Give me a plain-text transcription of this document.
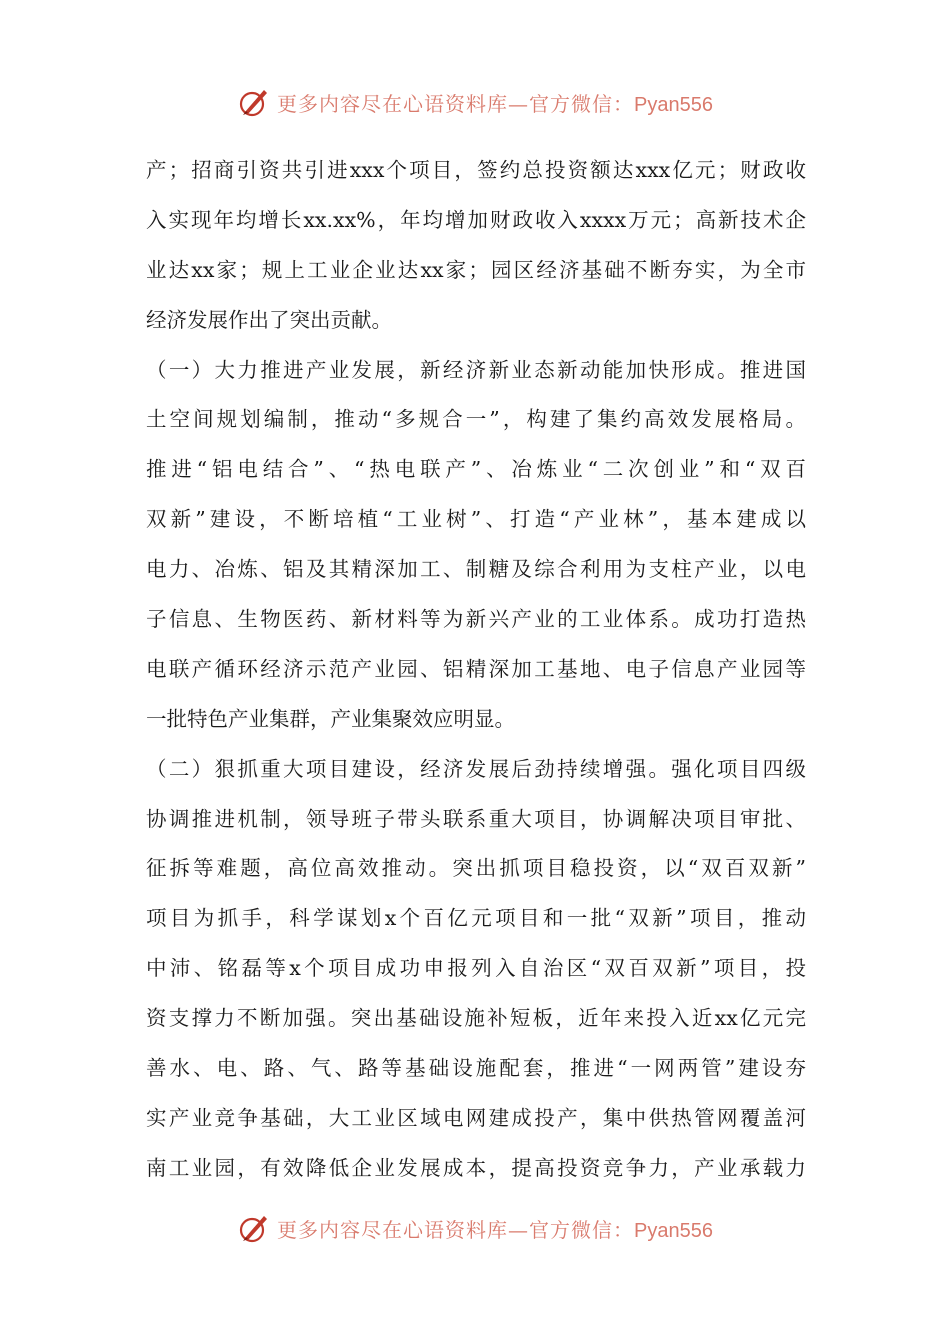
更多内容尽在心语资料库—官方微信：Pyan556
产；招商引资共引进xxx个项目，签约总投资额达xxx亿元；财政收
入实现年均增长xx.xx%，年均增加财政收入xxxx万元；高新技术企
业达xx家；规上工业企业达xx家；园区经济基础不断夯实，为全市
经济发展作出了突出贡献。
（一）大力推进产业发展，新经济新业态新动能加快形成。推进国
土空间规划编制，推动“多规合一”，构建了集约高效发展格局。
推进“铝电结合”、“热电联产”、冶炼业“二次创业”和“双百
双新”建设，不断培植“工业树”、打造“产业林”，基本建成以
电力、冶炼、铝及其精深加工、制糖及综合利用为支柱产业，以电
子信息、生物医药、新材料等为新兴产业的工业体系。成功打造热
电联产循环经济示范产业园、铝精深加工基地、电子信息产业园等
一批特色产业集群，产业集聚效应明显。
（二）狠抓重大项目建设，经济发展后劲持续增强。强化项目四级
协调推进机制，领导班子带头联系重大项目，协调解决项目审批、
征拆等难题，高位高效推动。突出抓项目稳投资，以“双百双新”
项目为抓手，科学谋划x个百亿元项目和一批“双新”项目，推动
中沛、铭磊等x个项目成功申报列入自治区“双百双新”项目，投
资支撑力不断加强。突出基础设施补短板，近年来投入近xx亿元完
善水、电、路、气、路等基础设施配套，推进“一网两管”建设夯
实产业竞争基础，大工业区域电网建成投产，集中供热管网覆盖河
南工业园，有效降低企业发展成本，提高投资竞争力，产业承载力
更多内容尽在心语资料库—官方微信：Pyan556
